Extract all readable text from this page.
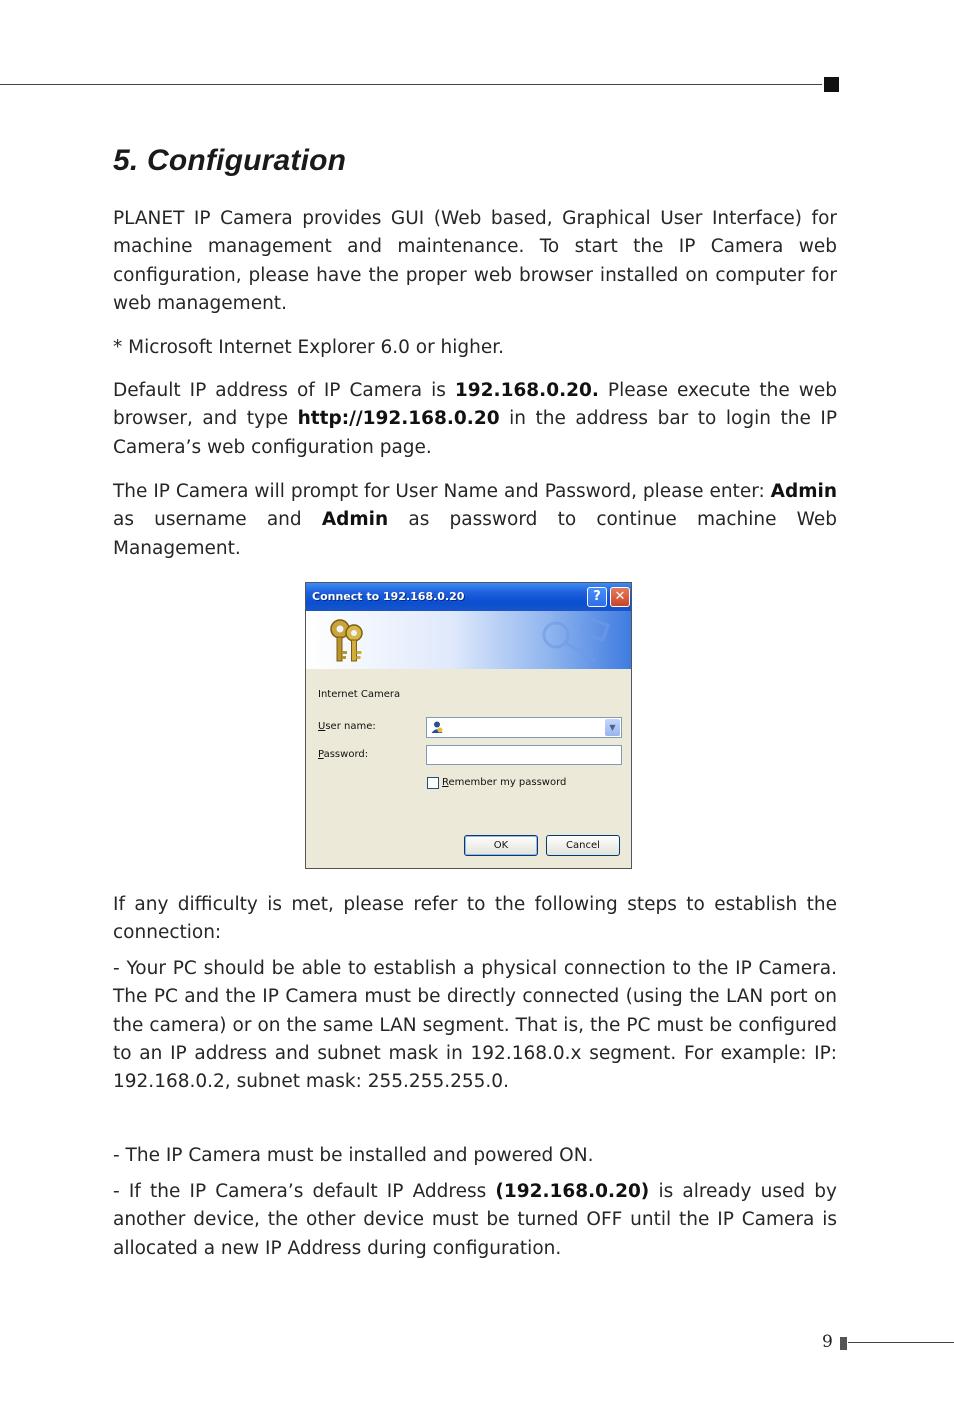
5. Configuration

PLANET IP Camera provides GUI (Web based, Graphical User Interface) for machine management and maintenance. To start the IP Camera web configuration, please have the proper web browser installed on computer for web management.

* Microsoft Internet Explorer 6.0 or higher.

Default IP address of IP Camera is 192.168.0.20. Please execute the web browser, and type http://192.168.0.20 in the address bar to login the IP Camera’s web configuration page.

The IP Camera will prompt for User Name and Password, please enter: Admin as username and Admin as password to continue machine Web Management.

Connect to 192.168.0.20	?	✕
Internet Camera
User name:	▼
Password:
Remember my password
OK	Cancel

If any difficulty is met, please refer to the following steps to establish the connection:

- Your PC should be able to establish a physical connection to the IP Camera. The PC and the IP Camera must be directly connected (using the LAN port on the camera) or on the same LAN segment. That is, the PC must be configured to an IP address and subnet mask in 192.168.0.x segment. For example: IP: 192.168.0.2, subnet mask: 255.255.255.0.

- The IP Camera must be installed and powered ON.

- If the IP Camera’s default IP Address (192.168.0.20) is already used by another device, the other device must be turned OFF until the IP Camera is allocated a new IP Address during configuration.

9
